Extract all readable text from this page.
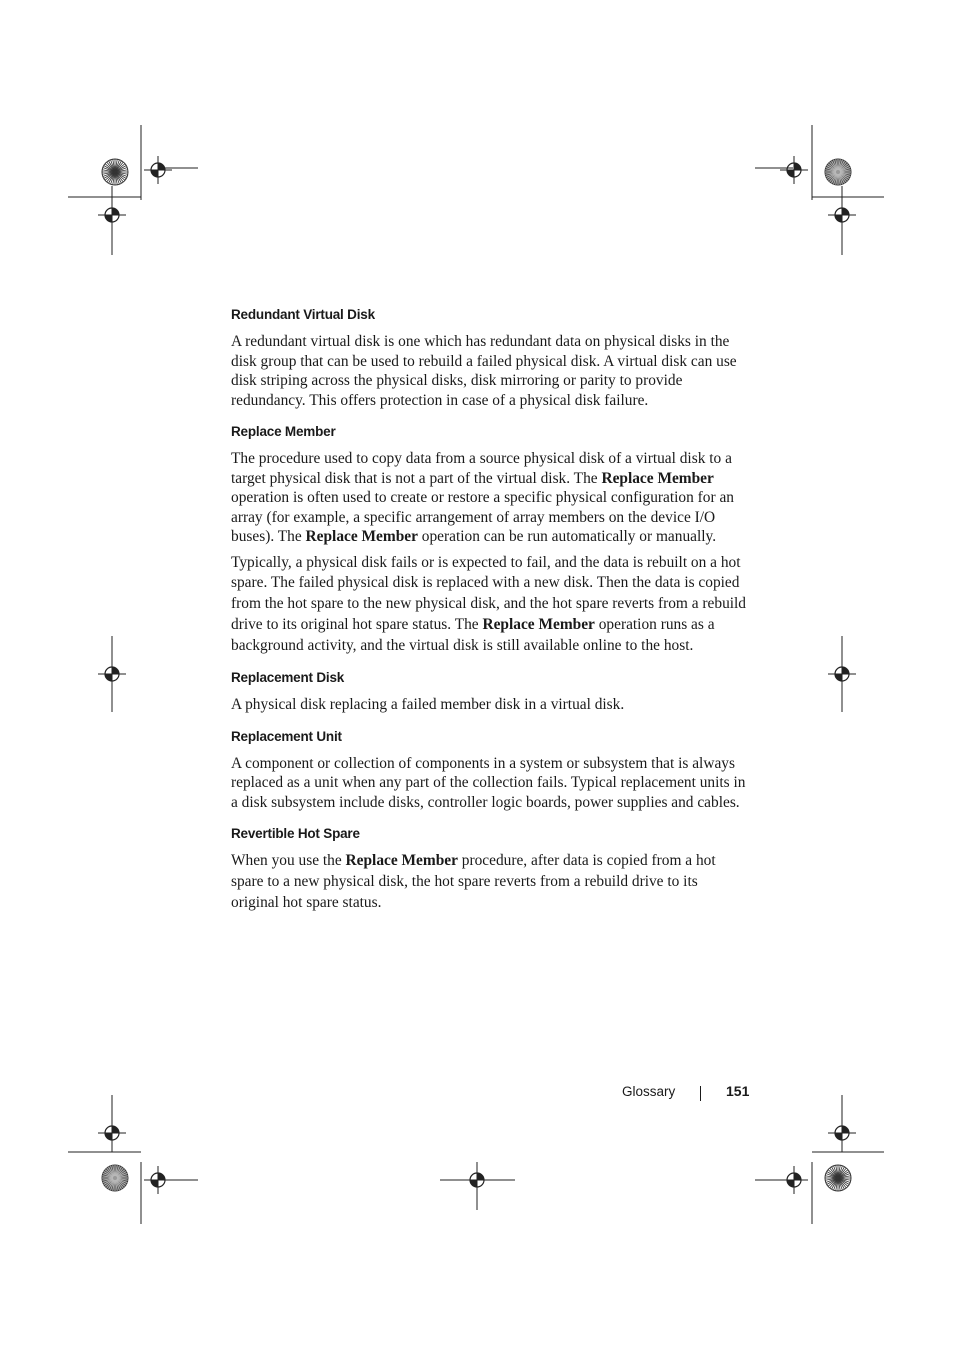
Redundant Virtual Disk

A redundant virtual disk is one which has redundant data on physical disks in the disk group that can be used to rebuild a failed physical disk. A virtual disk can use disk striping across the physical disks, disk mirroring or parity to provide redundancy. This offers protection in case of a physical disk failure.

Replace Member

The procedure used to copy data from a source physical disk of a virtual disk to a target physical disk that is not a part of the virtual disk. The Replace Member operation is often used to create or restore a specific physical configuration for an array (for example, a specific arrangement of array members on the device I/O buses). The Replace Member operation can be run automatically or manually.

Typically, a physical disk fails or is expected to fail, and the data is rebuilt on a hot spare. The failed physical disk is replaced with a new disk. Then the data is copied from the hot spare to the new physical disk, and the hot spare reverts from a rebuild drive to its original hot spare status. The Replace Member operation runs as a background activity, and the virtual disk is still available online to the host.

Replacement Disk

A physical disk replacing a failed member disk in a virtual disk.

Replacement Unit

A component or collection of components in a system or subsystem that is always replaced as a unit when any part of the collection fails. Typical replacement units in a disk subsystem include disks, controller logic boards, power supplies and cables.

Revertible Hot Spare

When you use the Replace Member procedure, after data is copied from a hot spare to a new physical disk, the hot spare reverts from a rebuild drive to its original hot spare status.

Glossary	151
